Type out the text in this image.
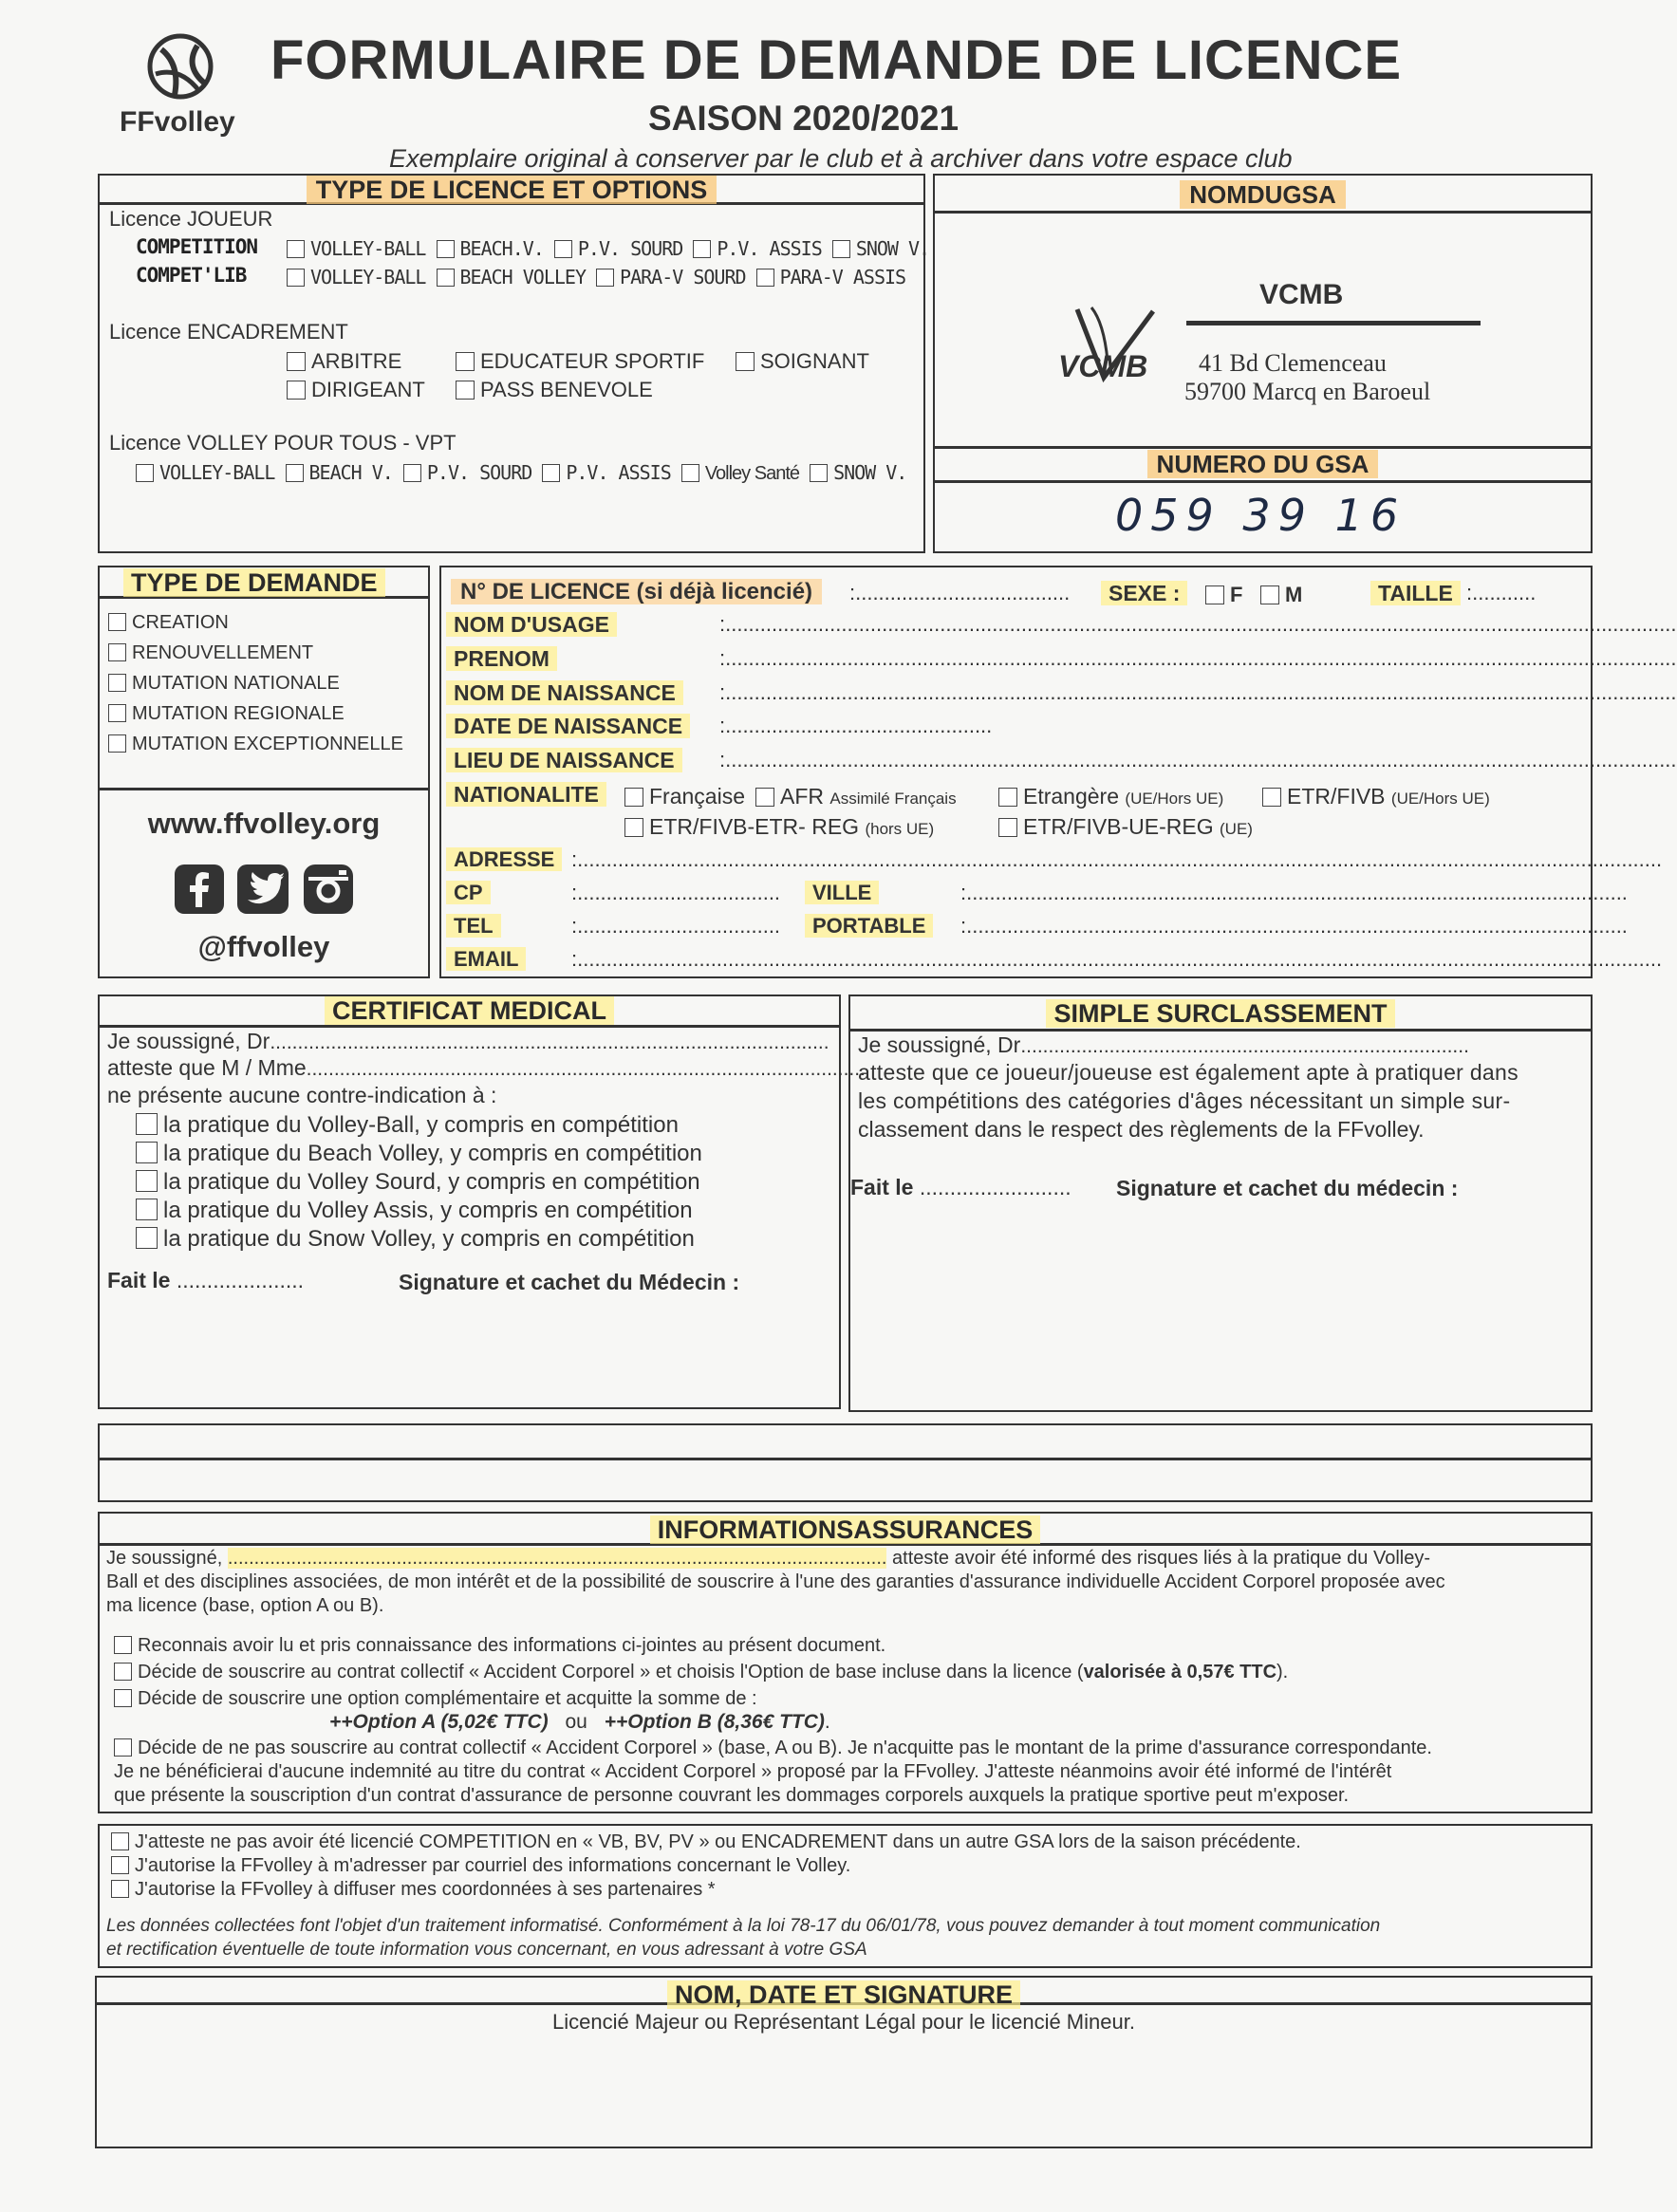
FFvolley
FORMULAIRE DE DEMANDE DE LICENCE
SAISON 2020/2021
Exemplaire original à conserver par le club et à archiver dans votre espace club
TYPE DE LICENCE ET OPTIONS
Licence JOUEUR
COMPETITION	VOLLEY-BALL BEACH.V. P.V. SOURD P.V. ASSIS SNOW V.
COMPET'LIB	VOLLEY-BALL BEACH VOLLEY PARA-V SOURD PARA-V ASSIS
Licence ENCADREMENT
ARBITRE	EDUCATEUR SPORTIF	SOIGNANT
DIRIGEANT	PASS BENEVOLE
Licence VOLLEY POUR TOUS - VPT
VOLLEY-BALL BEACH V. P.V. SOURD P.V. ASSIS Volley Santé SNOW V.
NOMDUGSA
VCMB
VCMB
41 Bd Clemenceau
59700 Marcq en Baroeul
NUMERO DU GSA
059 39 16
TYPE DE DEMANDE
CREATION
RENOUVELLEMENT
MUTATION NATIONALE
MUTATION REGIONALE
MUTATION EXCEPTIONNELLE
www.ffvolley.org
@ffvolley
N° DE LICENCE (si déjà licencié)	:.....................................	SEXE :	F	M	TAILLE :...........
NOM D'USAGE	:....................................................................................................................................................................
PRENOM	:....................................................................................................................................................................
NOM DE NAISSANCE	:....................................................................................................................................................................
DATE DE NAISSANCE	:..............................................
LIEU DE NAISSANCE	:....................................................................................................................................................................
NATIONALITE	Française	AFR Assimilé Français	Etrangère (UE/Hors UE)	ETR/FIVB (UE/Hors UE)
ETR/FIVB-ETR- REG (hors UE)	ETR/FIVB-UE-REG (UE)
ADRESSE :...........................................................................................................................................................................................
CP	:...................................	VILLE	:..................................................................................................................
TEL	:...................................	PORTABLE	:..................................................................................................................
EMAIL	:...........................................................................................................................................................................................
CERTIFICAT MEDICAL
Je soussigné, Dr.....................................................................................................
atteste que M / Mme.....................................................................................................
ne présente aucune contre-indication à :
la pratique du Volley-Ball, y compris en compétition
la pratique du Beach Volley, y compris en compétition
la pratique du Volley Sourd, y compris en compétition
la pratique du Volley Assis, y compris en compétition
la pratique du Snow Volley, y compris en compétition
Fait le .....................	Signature et cachet du Médecin :
SIMPLE SURCLASSEMENT
Je soussigné, Dr.................................................................................
atteste que ce joueur/joueuse est également apte à pratiquer dans
les compétitions des catégories d'âges nécessitant un simple sur-
classement dans le respect des règlements de la FFvolley.
Fait le ......................... Signature et cachet du médecin :
INFORMATIONSASSURANCES
Je soussigné, ............................................................................................................................. atteste avoir été informé des risques liés à la pratique du Volley-
Ball et des disciplines associées, de mon intérêt et de la possibilité de souscrire à l'une des garanties d'assurance individuelle Accident Corporel proposée avec
ma licence (base, option A ou B).
Reconnais avoir lu et pris connaissance des informations ci-jointes au présent document.
Décide de souscrire au contrat collectif « Accident Corporel » et choisis l'Option de base incluse dans la licence (valorisée à 0,57€ TTC).
Décide de souscrire une option complémentaire et acquitte la somme de :
++Option A (5,02€ TTC) ou ++Option B (8,36€ TTC).
Décide de ne pas souscrire au contrat collectif « Accident Corporel » (base, A ou B). Je n'acquitte pas le montant de la prime d'assurance correspondante.
Je ne bénéficierai d'aucune indemnité au titre du contrat « Accident Corporel » proposé par la FFvolley. J'atteste néanmoins avoir été informé de l'intérêt
que présente la souscription d'un contrat d'assurance de personne couvrant les dommages corporels auxquels la pratique sportive peut m'exposer.
J'atteste ne pas avoir été licencié COMPETITION en « VB, BV, PV » ou ENCADREMENT dans un autre GSA lors de la saison précédente.
J'autorise la FFvolley à m'adresser par courriel des informations concernant le Volley.
J'autorise la FFvolley à diffuser mes coordonnées à ses partenaires *
Les données collectées font l'objet d'un traitement informatisé. Conformément à la loi 78-17 du 06/01/78, vous pouvez demander à tout moment communication
et rectification éventuelle de toute information vous concernant, en vous adressant à votre GSA
NOM, DATE ET SIGNATURE
Licencié Majeur ou Représentant Légal pour le licencié Mineur.
